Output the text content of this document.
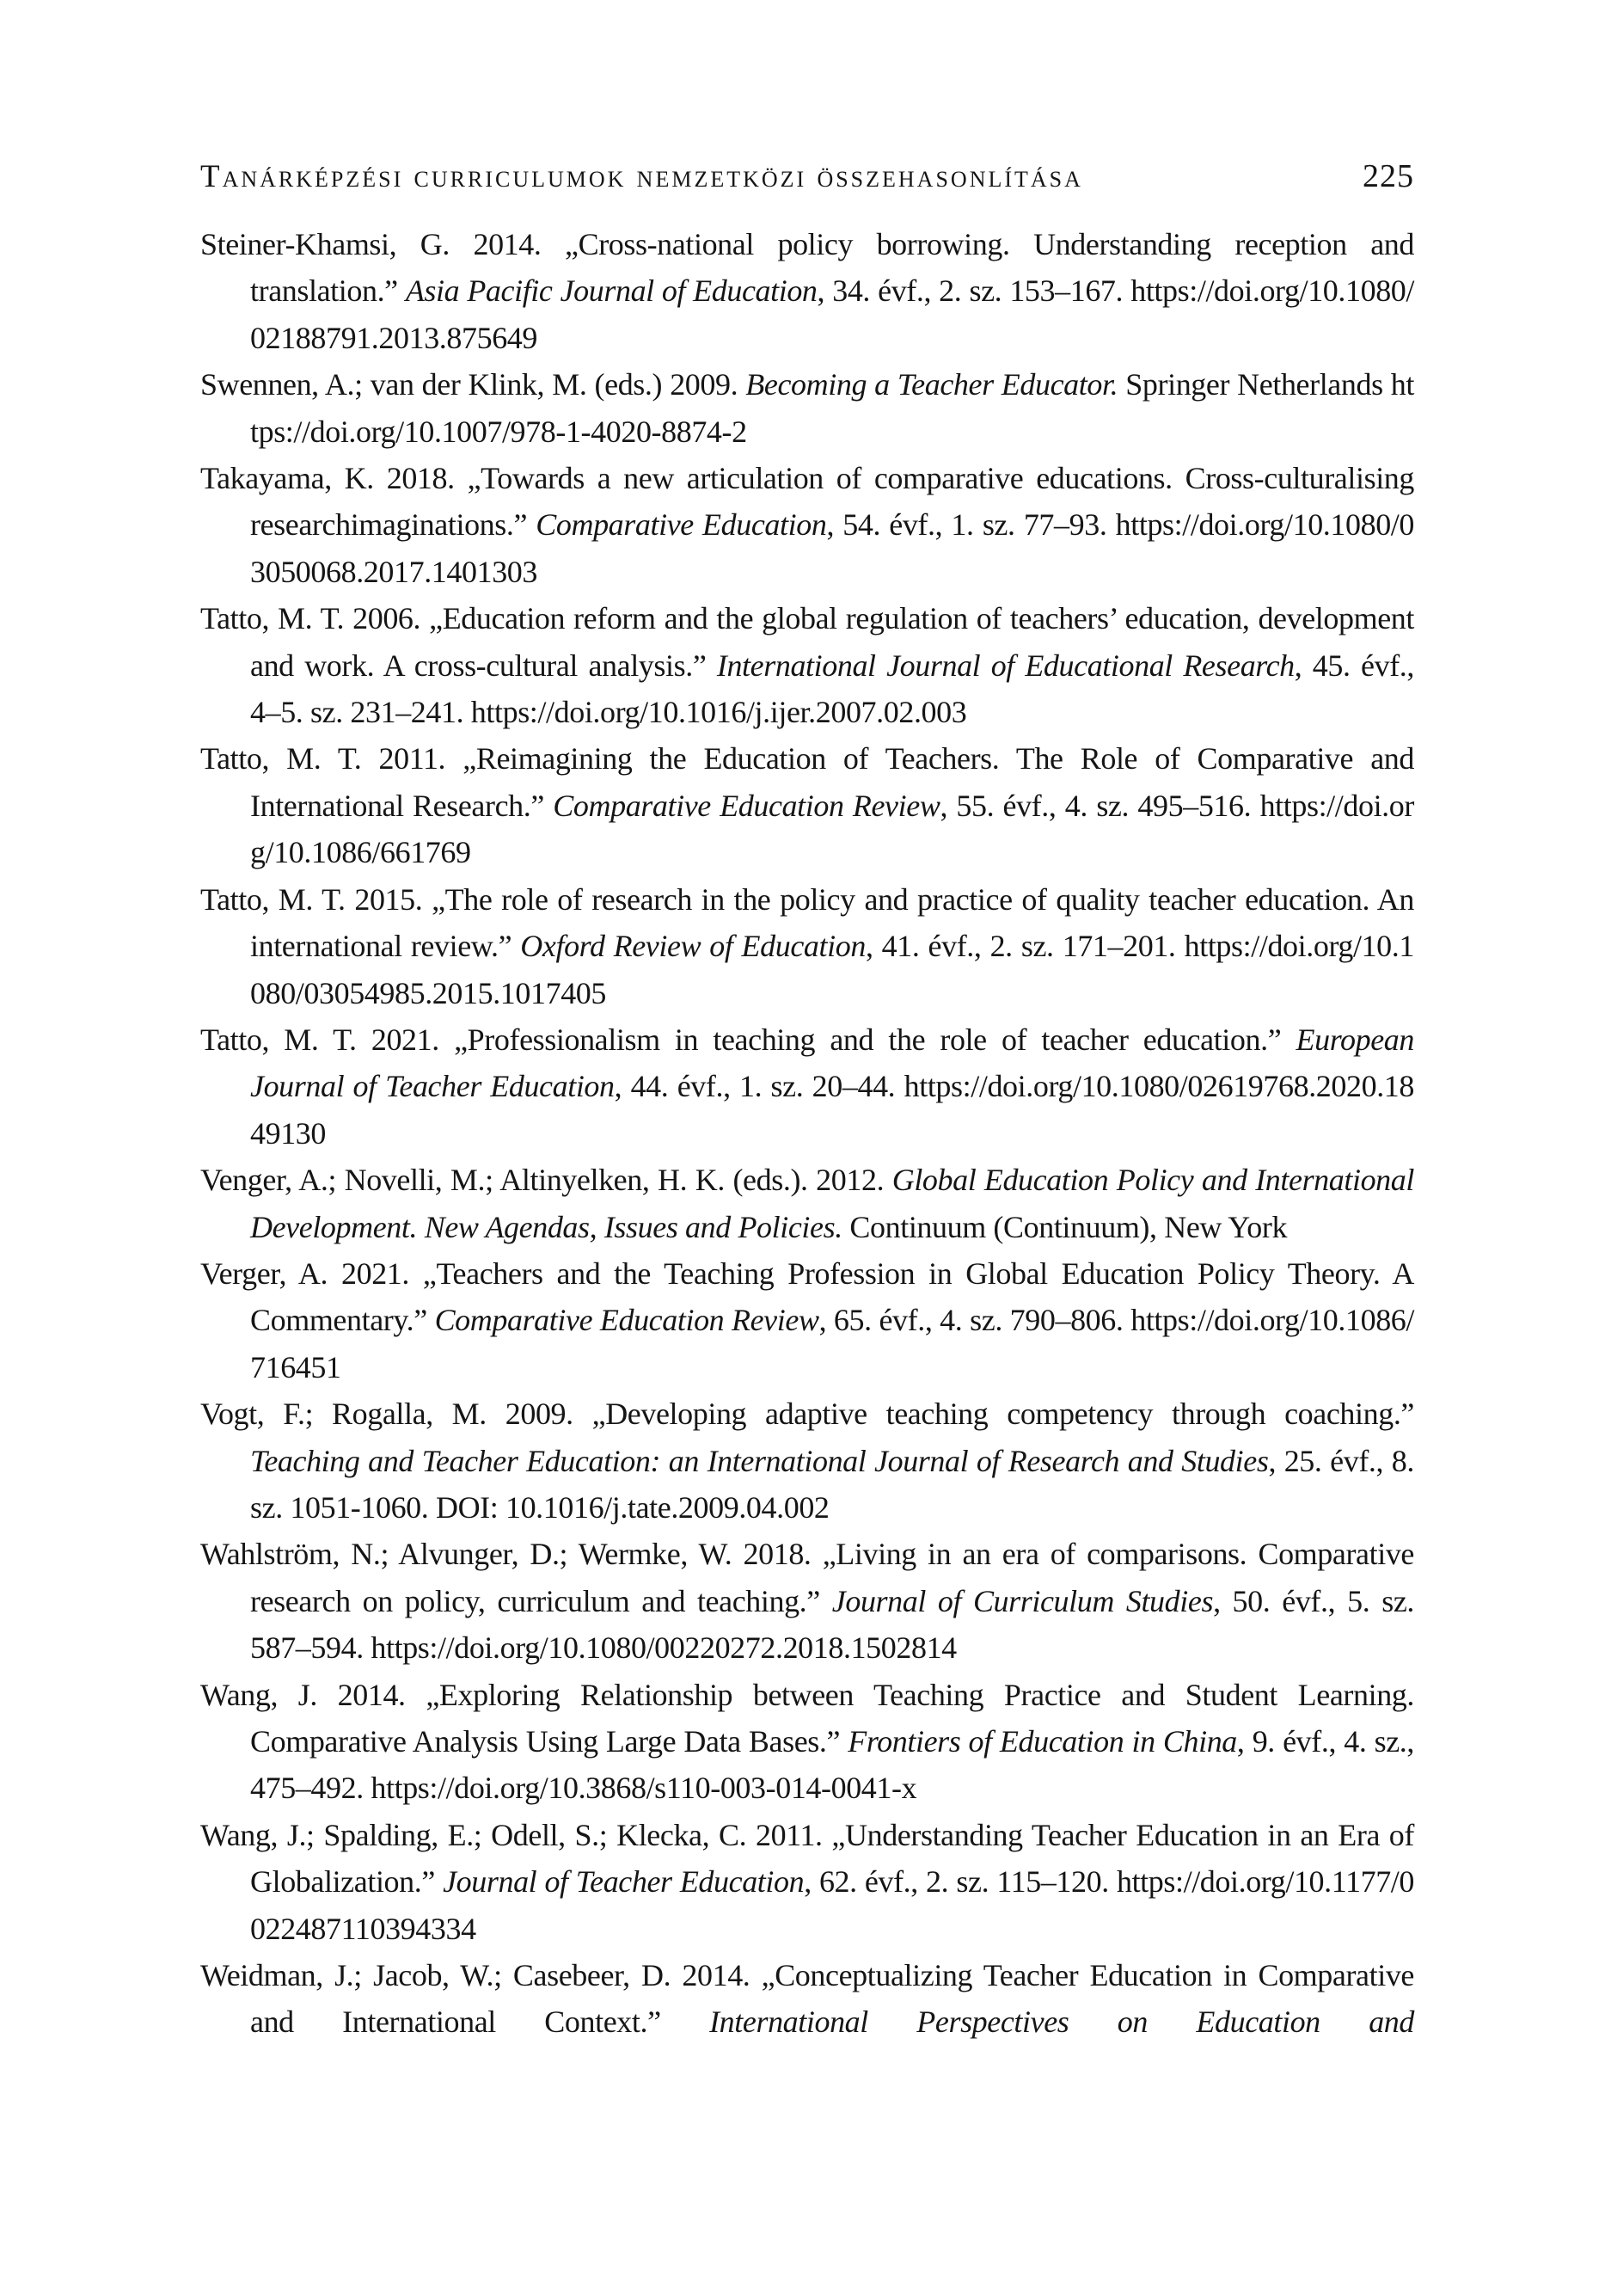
Tanárképzési curriculumok nemzetközi összehasonlítása	225

Steiner-Khamsi, G. 2014. „Cross-national policy borrowing. Understanding reception and translation.” Asia Pacific Journal of Education, 34. évf., 2. sz. 153–167. https://doi.org/10.1080/02188791.2013.875649

Swennen, A.; van der Klink, M. (eds.) 2009. Becoming a Teacher Educator. Springer Netherlands https://doi.org/10.1007/978-1-4020-8874-2

Takayama, K. 2018. „Towards a new articulation of comparative educations. Cross-culturalising researchimaginations.” Comparative Education, 54. évf., 1. sz. 77–93. https://doi.org/10.1080/03050068.2017.1401303

Tatto, M. T. 2006. „Education reform and the global regulation of teachers’ education, development and work. A cross-cultural analysis.” International Journal of Educational Research, 45. évf., 4–5. sz. 231–241. https://doi.org/10.1016/j.ijer.2007.02.003

Tatto, M. T. 2011. „Reimagining the Education of Teachers. The Role of Comparative and International Research.” Comparative Education Review, 55. évf., 4. sz. 495–516. https://doi.org/10.1086/661769

Tatto, M. T. 2015. „The role of research in the policy and practice of quality teacher education. An international review.” Oxford Review of Education, 41. évf., 2. sz. 171–201. https://doi.org/10.1080/03054985.2015.1017405

Tatto, M. T. 2021. „Professionalism in teaching and the role of teacher education.” European Journal of Teacher Education, 44. évf., 1. sz. 20–44. https://doi.org/10.1080/02619768.2020.1849130

Venger, A.; Novelli, M.; Altinyelken, H. K. (eds.). 2012. Global Education Policy and International Development. New Agendas, Issues and Policies. Continuum (Continuum), New York

Verger, A. 2021. „Teachers and the Teaching Profession in Global Education Policy Theory. A Commentary.” Comparative Education Review, 65. évf., 4. sz. 790–806. https://doi.org/10.1086/716451

Vogt, F.; Rogalla, M. 2009. „Developing adaptive teaching competency through coaching.” Teaching and Teacher Education: an International Journal of Research and Studies, 25. évf., 8. sz. 1051-1060. DOI: 10.1016/j.tate.2009.04.002

Wahlström, N.; Alvunger, D.; Wermke, W. 2018. „Living in an era of comparisons. Comparative research on policy, curriculum and teaching.” Journal of Curriculum Studies, 50. évf., 5. sz. 587–594. https://doi.org/10.1080/00220272.2018.1502814

Wang, J. 2014. „Exploring Relationship between Teaching Practice and Student Learning. Comparative Analysis Using Large Data Bases.” Frontiers of Education in China, 9. évf., 4. sz., 475–492. https://doi.org/10.3868/s110-003-014-0041-x

Wang, J.; Spalding, E.; Odell, S.; Klecka, C. 2011. „Understanding Teacher Education in an Era of Globalization.” Journal of Teacher Education, 62. évf., 2. sz. 115–120. https://doi.org/10.1177/0022487110394334

Weidman, J.; Jacob, W.; Casebeer, D. 2014. „Conceptualizing Teacher Education in Comparative and International Context.” International Perspectives on Education and
